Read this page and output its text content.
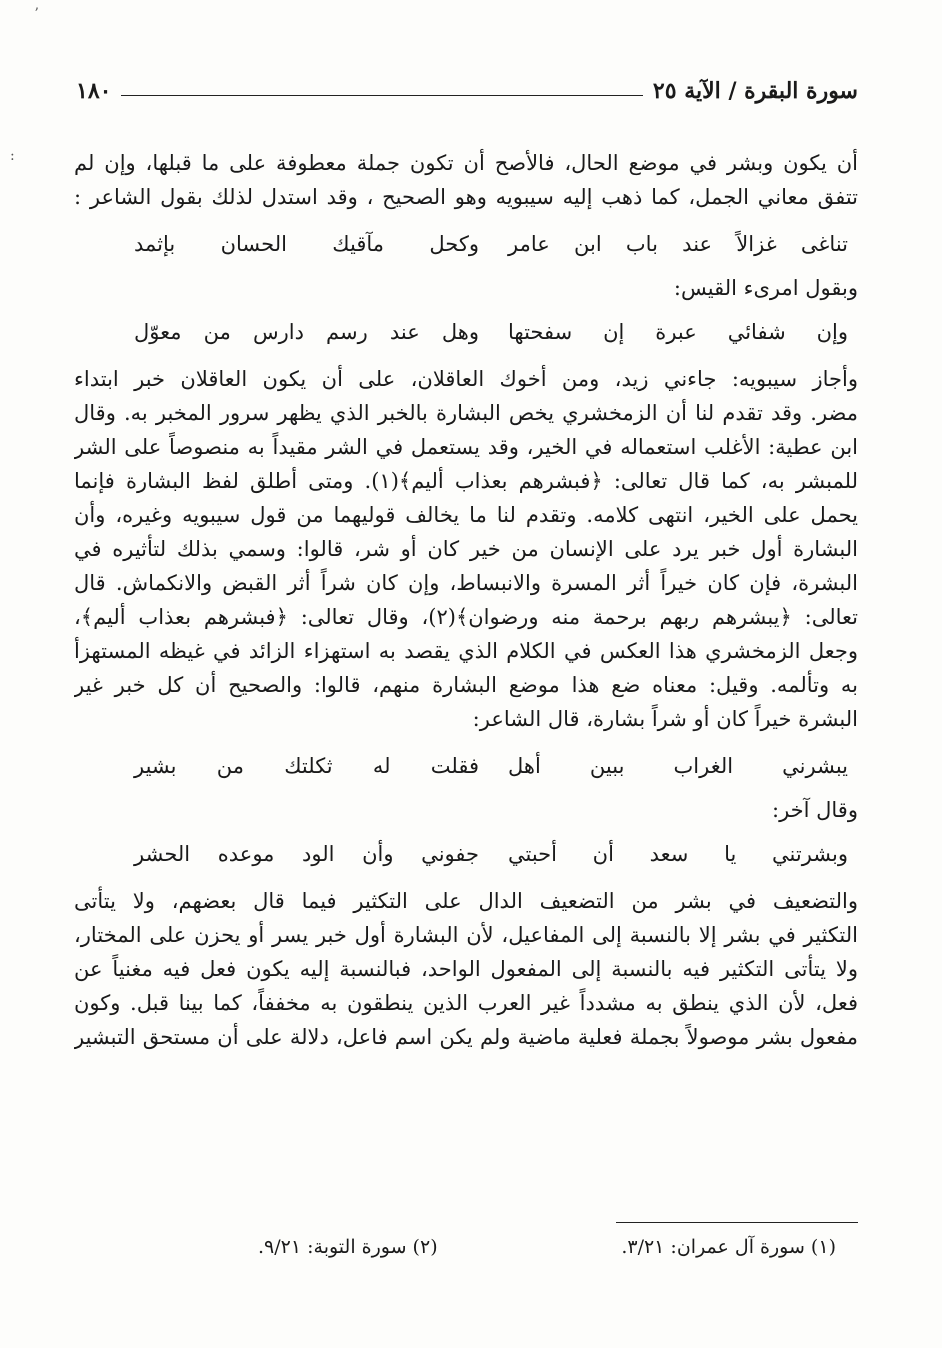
ʼ
:
سورة البقرة / الآية ٢٥
١٨٠
أن يكون وبشر في موضع الحال، فالأصح أن تكون جملة معطوفة على ما قبلها، وإن لم
تتفق معاني الجمل، كما ذهب إليه سيبويه وهو الصحيح ، وقد استدل لذلك بقول الشاعر :
تناغى غزالاً عند باب ابن عامر
وكحل مآقيك الحسان بإثمد
وبقول امرىء القيس:
وإن شفائي عبرة إن سفحتها
وهل عند رسم دارس من معوّل
وأجاز سيبويه: جاءني زيد، ومن أخوك العاقلان، على أن يكون العاقلان خبر ابتداء
مضر. وقد تقدم لنا أن الزمخشري يخص البشارة بالخبر الذي يظهر سرور المخبر به. وقال
ابن عطية: الأغلب استعماله في الخير، وقد يستعمل في الشر مقيداً به منصوصاً على الشر
للمبشر به، كما قال تعالى: ﴿فبشرهم بعذاب أليم﴾(١). ومتى أطلق لفظ البشارة فإنما
يحمل على الخير، انتهى كلامه. وتقدم لنا ما يخالف قوليهما من قول سيبويه وغيره، وأن
البشارة أول خبر يرد على الإنسان من خير كان أو شر، قالوا: وسمي بذلك لتأثيره في
البشرة، فإن كان خيراً أثر المسرة والانبساط، وإن كان شراً أثر القبض والانكماش. قال
تعالى: ﴿يبشرهم ربهم برحمة منه ورضوان﴾(٢)، وقال تعالى: ﴿فبشرهم بعذاب أليم﴾،
وجعل الزمخشري هذا العكس في الكلام الذي يقصد به استهزاء الزائد في غيظه المستهزأ
به وتألمه. وقيل: معناه ضع هذا موضع البشارة منهم، قالوا: والصحيح أن كل خبر غير
البشرة خيراً كان أو شراً بشارة، قال الشاعر:
يبشرني الغراب ببين أهل
فقلت له ثكلتك من بشير
وقال آخر:
وبشرتني يا سعد أن أحبتي
جفوني وأن الود موعده الحشر
والتضعيف في بشر من التضعيف الدال على التكثير فيما قال بعضهم، ولا يتأتى
التكثير في بشر إلا بالنسبة إلى المفاعيل، لأن البشارة أول خبر يسر أو يحزن على المختار،
ولا يتأتى التكثير فيه بالنسبة إلى المفعول الواحد، فبالنسبة إليه يكون فعل فيه مغنياً عن
فعل، لأن الذي ينطق به مشدداً غير العرب الذين ينطقون به مخففاً، كما بينا قبل. وكون
مفعول بشر موصولاً بجملة فعلية ماضية ولم يكن اسم فاعل، دلالة على أن مستحق التبشير
(١) سورة آل عمران: ٣/٢١.
(٢) سورة التوبة: ٩/٢١.
